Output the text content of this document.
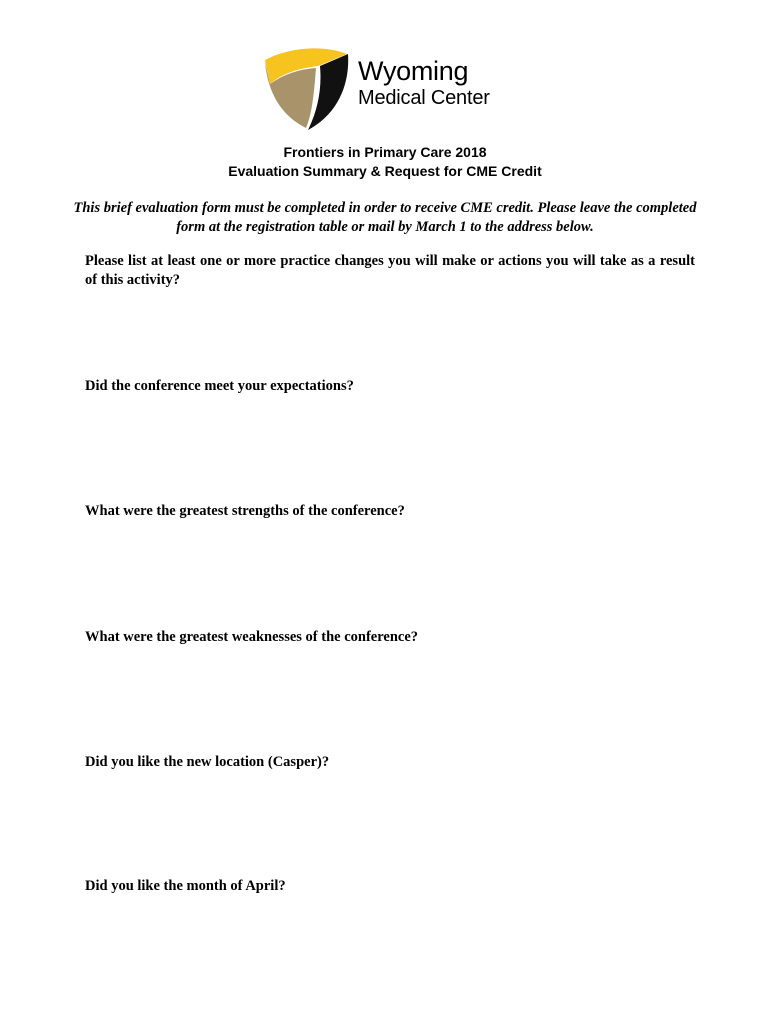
Wyoming
Medical Center
Frontiers in Primary Care 2018
Evaluation Summary & Request for CME Credit

This brief evaluation form must be completed in order to receive CME credit. Please leave the completed form at the registration table or mail by March 1 to the address below.

Please list at least one or more practice changes you will make or actions you will take as a result of this activity?

Did the conference meet your expectations?

What were the greatest strengths of the conference?

What were the greatest weaknesses of the conference?

Did you like the new location (Casper)?

Did you like the month of April?
